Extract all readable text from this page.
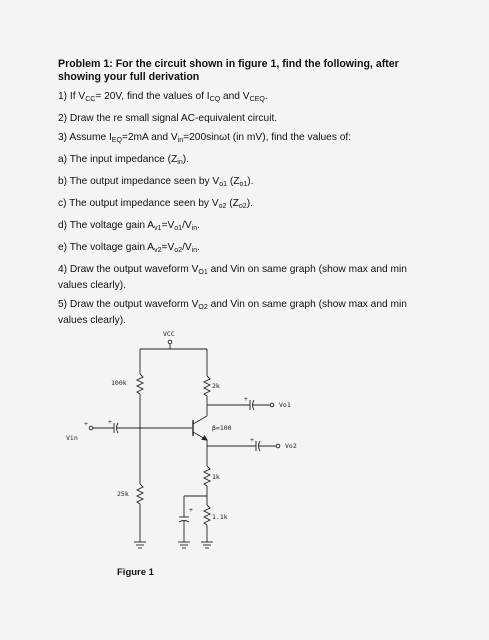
Problem 1: For the circuit shown in figure 1, find the following, after showing your full derivation

1) If $V_{CC}= 20V$, find the values of $I_{CQ}$ and $V_{CEQ}$.

2) Draw the re small signal AC-equivalent circuit.

3) Assume $I_{EQ}=2mA$ and $V_{in}=200\sin\omega t$ (in mV), find the values of:

a) The input impedance $(Z_{in})$.

b) The output impedance seen by $V_{o1}$ $(Z_{o1})$.

c) The output impedance seen by $V_{o2}$ $(Z_{o2})$.

d) The voltage gain $A_{v1}=V_{o1}/V_{in}$.

e) The voltage gain $A_{v2}=V_{o2}/V_{in}$.

4) Draw the output waveform $V_{O1}$ and Vin on same graph (show max and min values clearly).

5) Draw the output waveform $V_{O2}$ and Vin on same graph (show max and min values clearly).

VCC
100k
25k
2k
1k
1.1k
β=100
Vin
Vo1
Vo2
+	+
+
+
+
Figure 1
